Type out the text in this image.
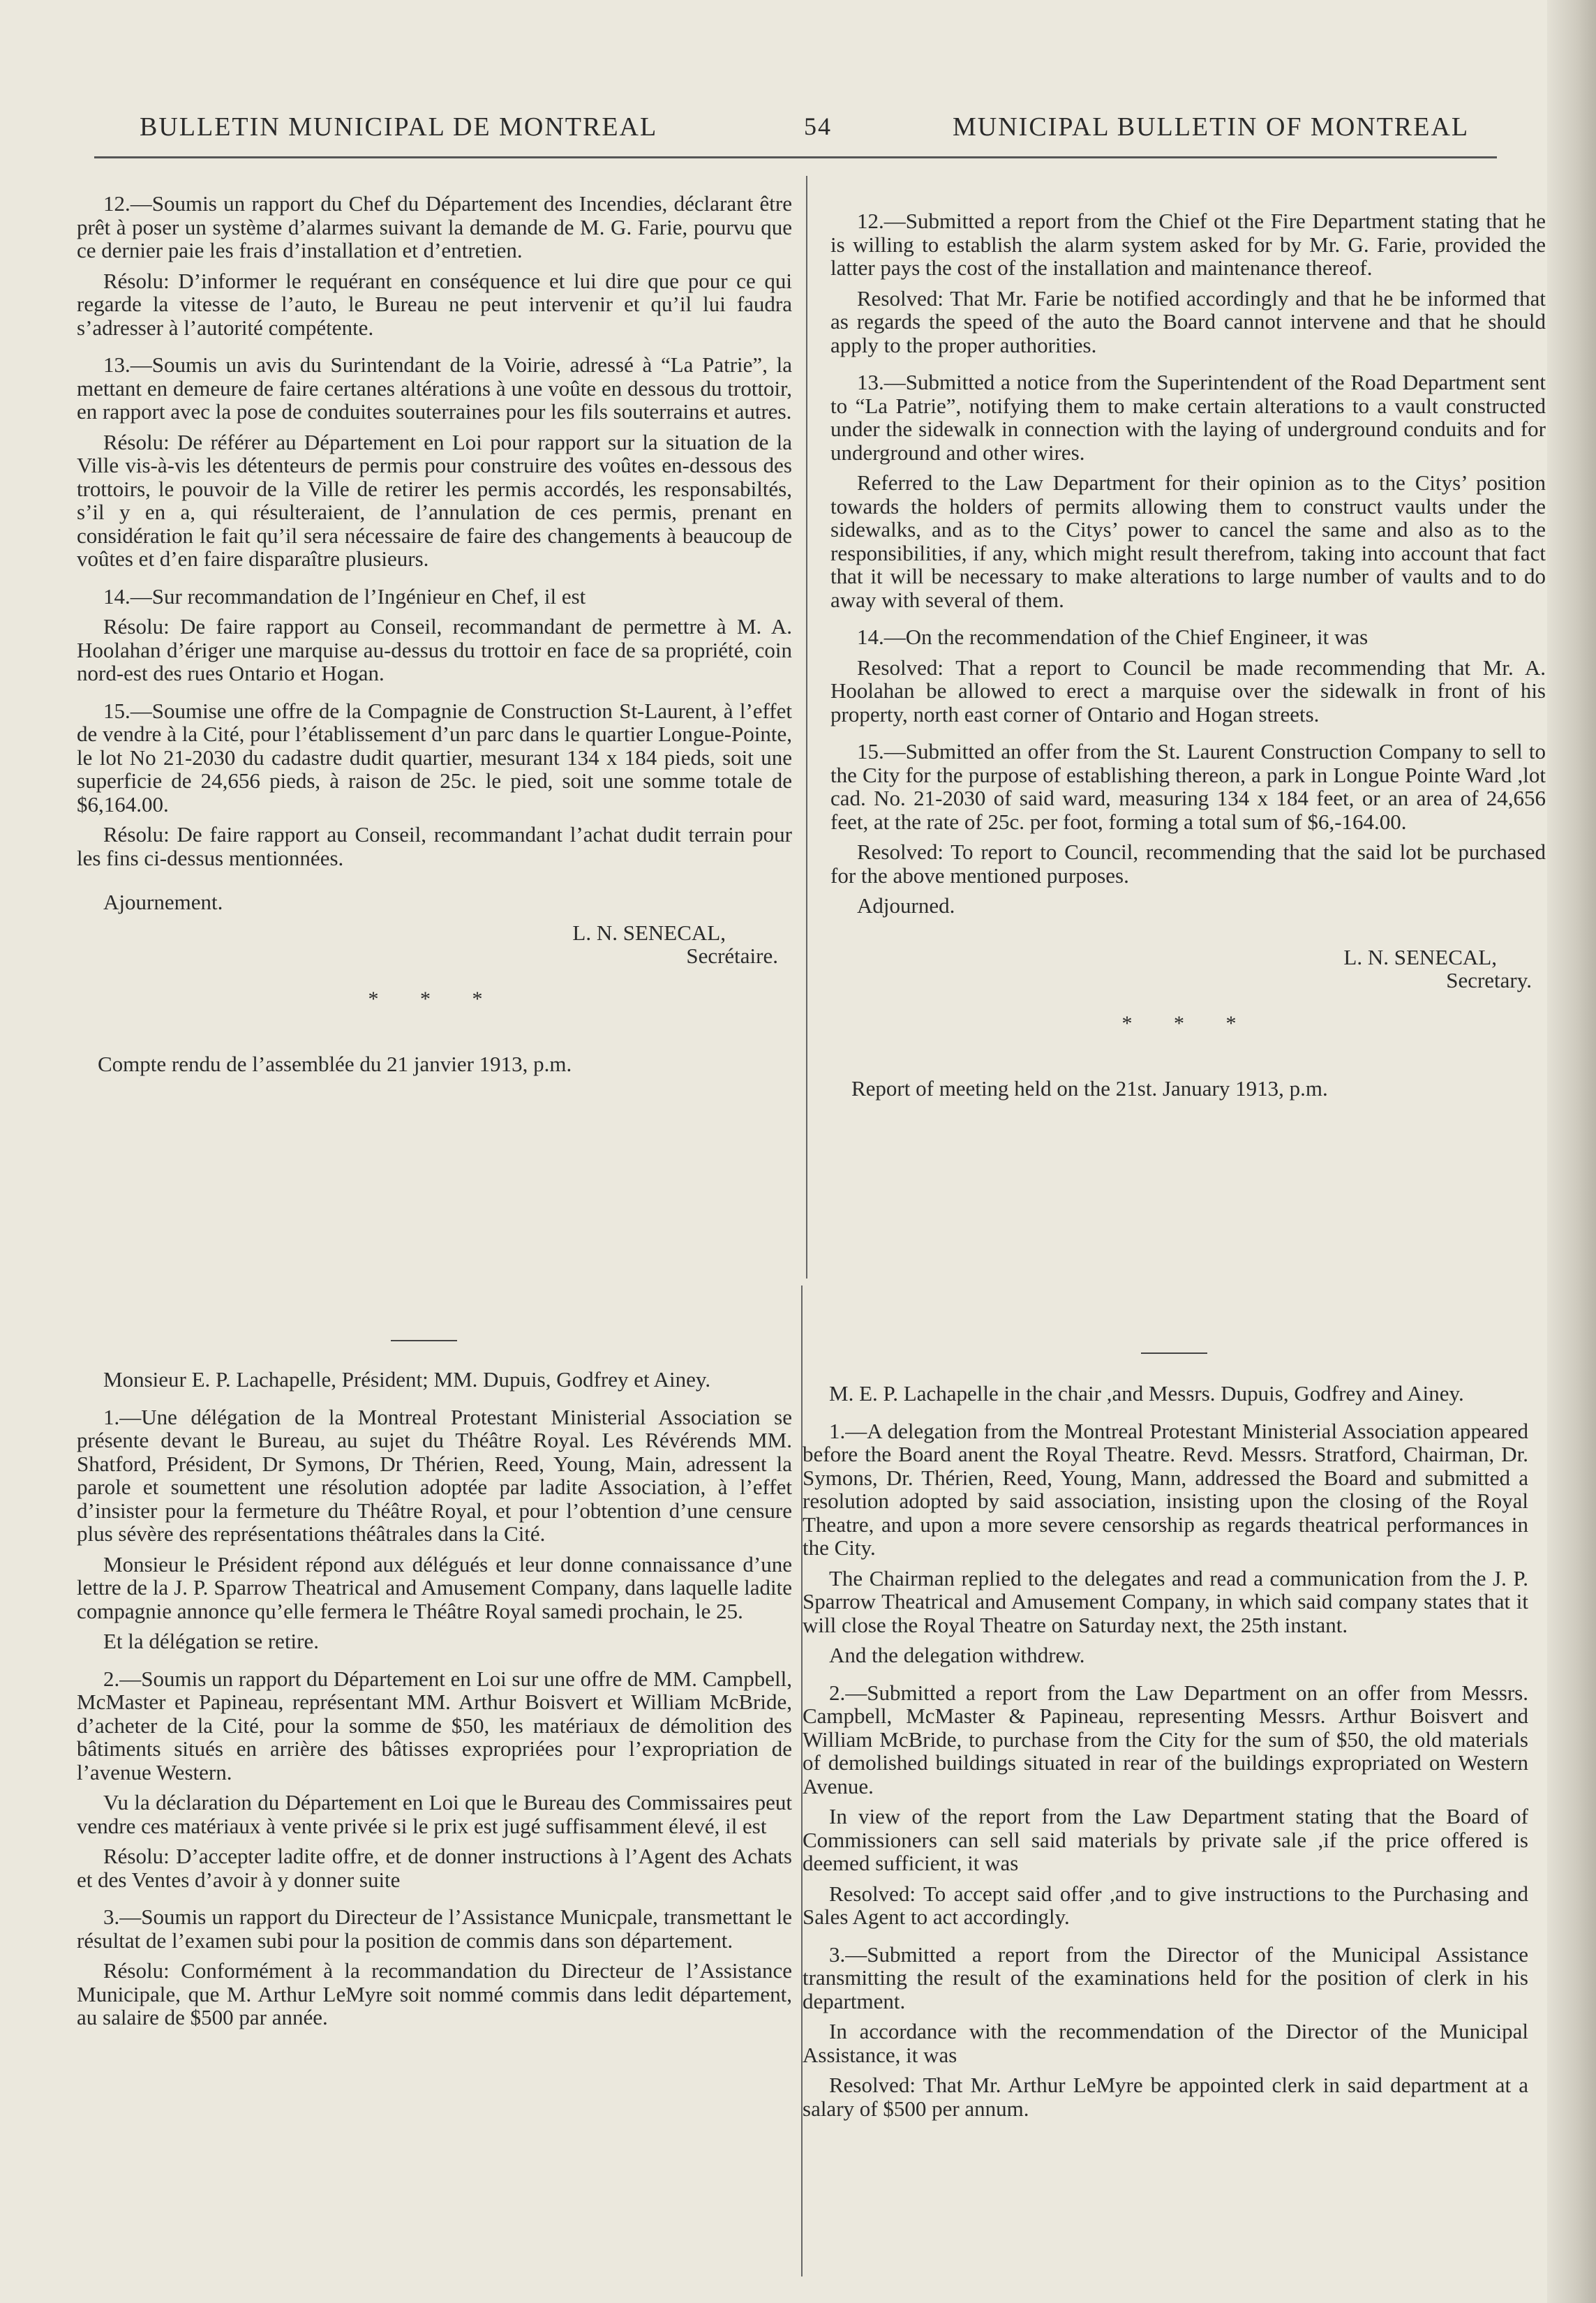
BULLETIN MUNICIPAL DE MONTREAL	54	MUNICIPAL BULLETIN OF MONTREAL

12.—Soumis un rapport du Chef du Département des Incendies, déclarant être prêt à poser un système d’alarmes suivant la demande de M. G. Farie, pourvu que ce dernier paie les frais d’installation et d’entretien.

Résolu: D’informer le requérant en conséquence et lui dire que pour ce qui regarde la vitesse de l’auto, le Bureau ne peut intervenir et qu’il lui faudra s’adresser à l’autorité compétente.

13.—Soumis un avis du Surintendant de la Voirie, adressé à “La Patrie”, la mettant en demeure de faire certanes altérations à une voûte en dessous du trottoir, en rapport avec la pose de conduites souterraines pour les fils souterrains et autres.

Résolu: De référer au Département en Loi pour rapport sur la situation de la Ville vis-à-vis les détenteurs de permis pour construire des voûtes en-dessous des trottoirs, le pouvoir de la Ville de retirer les permis accordés, les responsabiltés, s’il y en a, qui résulteraient, de l’annulation de ces permis, prenant en considération le fait qu’il sera nécessaire de faire des changements à beaucoup de voûtes et d’en faire disparaître plusieurs.

14.—Sur recommandation de l’Ingénieur en Chef, il est

Résolu: De faire rapport au Conseil, recommandant de permettre à M. A. Hoolahan d’ériger une marquise au-dessus du trottoir en face de sa propriété, coin nord-est des rues Ontario et Hogan.

15.—Soumise une offre de la Compagnie de Construction St-Laurent, à l’effet de vendre à la Cité, pour l’établissement d’un parc dans le quartier Longue-Pointe, le lot No 21-2030 du cadastre dudit quartier, mesurant 134 x 184 pieds, soit une superficie de 24,656 pieds, à raison de 25c. le pied, soit une somme totale de $6,164.00.

Résolu: De faire rapport au Conseil, recommandant l’achat dudit terrain pour les fins ci-dessus mentionnées.

Ajournement.

L. N. SENECAL,

Secrétaire.

* * *

Compte rendu de l’assemblée du 21 janvier 1913, p.m.

12.—Submitted a report from the Chief ot the Fire Department stating that he is willing to establish the alarm system asked for by Mr. G. Farie, provided the latter pays the cost of the installation and maintenance thereof.

Resolved: That Mr. Farie be notified accordingly and that he be informed that as regards the speed of the auto the Board cannot intervene and that he should apply to the proper authorities.

13.—Submitted a notice from the Superintendent of the Road Department sent to “La Patrie”, notifying them to make certain alterations to a vault constructed under the sidewalk in connection with the laying of underground conduits and for underground and other wires.

Referred to the Law Department for their opinion as to the Citys’ position towards the holders of permits allowing them to construct vaults under the sidewalks, and as to the Citys’ power to cancel the same and also as to the responsibilities, if any, which might result therefrom, taking into account that fact that it will be necessary to make alterations to large number of vaults and to do away with several of them.

14.—On the recommendation of the Chief Engineer, it was

Resolved: That a report to Council be made recommending that Mr. A. Hoolahan be allowed to erect a marquise over the sidewalk in front of his property, north east corner of Ontario and Hogan streets.

15.—Submitted an offer from the St. Laurent Construction Company to sell to the City for the purpose of establishing thereon, a park in Longue Pointe Ward ,lot cad. No. 21-2030 of said ward, measuring 134 x 184 feet, or an area of 24,656 feet, at the rate of 25c. per foot, forming a total sum of $6,-164.00.

Resolved: To report to Council, recommending that the said lot be purchased for the above mentioned purposes.

Adjourned.

L. N. SENECAL,

Secretary.

* * *

Report of meeting held on the 21st. January 1913, p.m.

Monsieur E. P. Lachapelle, Président; MM. Dupuis, Godfrey et Ainey.

1.—Une délégation de la Montreal Protestant Ministerial Association se présente devant le Bureau, au sujet du Théâtre Royal. Les Révérends MM. Shatford, Président, Dr Symons, Dr Thérien, Reed, Young, Main, adressent la parole et soumettent une résolution adoptée par ladite Association, à l’effet d’insister pour la fermeture du Théâtre Royal, et pour l’obtention d’une censure plus sévère des représentations théâtrales dans la Cité.

Monsieur le Président répond aux délégués et leur donne connaissance d’une lettre de la J. P. Sparrow Theatrical and Amusement Company, dans laquelle ladite compagnie annonce qu’elle fermera le Théâtre Royal samedi prochain, le 25.

Et la délégation se retire.

2.—Soumis un rapport du Département en Loi sur une offre de MM. Campbell, McMaster et Papineau, représentant MM. Arthur Boisvert et William McBride, d’acheter de la Cité, pour la somme de $50, les matériaux de démolition des bâtiments situés en arrière des bâtisses expropriées pour l’expropriation de l’avenue Western.

Vu la déclaration du Département en Loi que le Bureau des Commissaires peut vendre ces matériaux à vente privée si le prix est jugé suffisamment élevé, il est

Résolu: D’accepter ladite offre, et de donner instructions à l’Agent des Achats et des Ventes d’avoir à y donner suite

3.—Soumis un rapport du Directeur de l’Assistance Municpale, transmettant le résultat de l’examen subi pour la position de commis dans son département.

Résolu: Conformément à la recommandation du Directeur de l’Assistance Municipale, que M. Arthur LeMyre soit nommé commis dans ledit département, au salaire de $500 par année.

M. E. P. Lachapelle in the chair ,and Messrs. Dupuis, Godfrey and Ainey.

1.—A delegation from the Montreal Protestant Ministerial Association appeared before the Board anent the Royal Theatre. Revd. Messrs. Stratford, Chairman, Dr. Symons, Dr. Thérien, Reed, Young, Mann, addressed the Board and submitted a resolution adopted by said association, insisting upon the closing of the Royal Theatre, and upon a more severe censorship as regards theatrical performances in the City.

The Chairman replied to the delegates and read a communication from the J. P. Sparrow Theatrical and Amusement Company, in which said company states that it will close the Royal Theatre on Saturday next, the 25th instant.

And the delegation withdrew.

2.—Submitted a report from the Law Department on an offer from Messrs. Campbell, McMaster & Papineau, representing Messrs. Arthur Boisvert and William McBride, to purchase from the City for the sum of $50, the old materials of demolished buildings situated in rear of the buildings expropriated on Western Avenue.

In view of the report from the Law Department stating that the Board of Commissioners can sell said materials by private sale ,if the price offered is deemed sufficient, it was

Resolved: To accept said offer ,and to give instructions to the Purchasing and Sales Agent to act accordingly.

3.—Submitted a report from the Director of the Municipal Assistance transmitting the result of the examinations held for the position of clerk in his department.

In accordance with the recommendation of the Director of the Municipal Assistance, it was

Resolved: That Mr. Arthur LeMyre be appointed clerk in said department at a salary of $500 per annum.
